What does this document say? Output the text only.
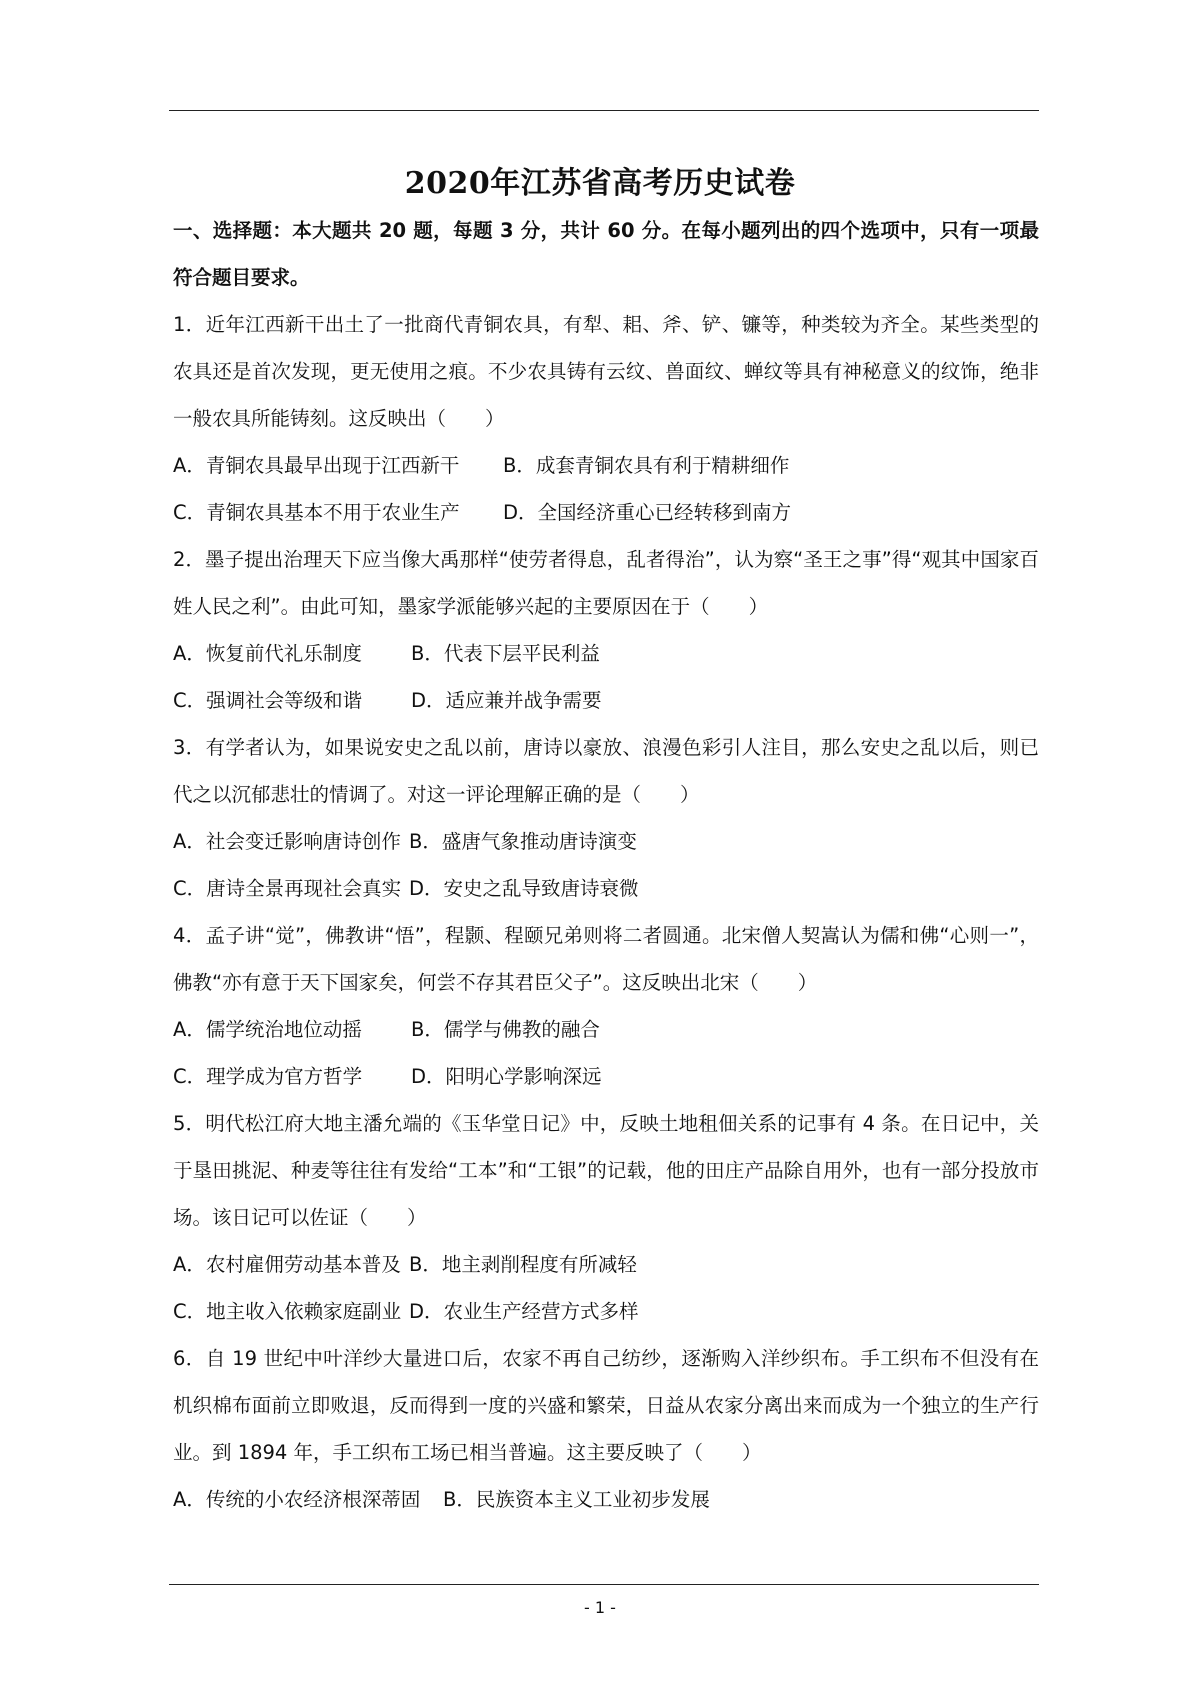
2020年江苏省高考历史试卷
一、选择题：本大题共 20 题，每题 3 分，共计 60 分。在每小题列出的四个选项中，只有一项最符合题目要求。
1．近年江西新干出土了一批商代青铜农具，有犁、耜、斧、铲、镰等，种类较为齐全。某些类型的农具还是首次发现，更无使用之痕。不少农具铸有云纹、兽面纹、蝉纹等具有神秘意义的纹饰，绝非一般农具所能铸刻。这反映出（　　）
A．青铜农具最早出现于江西新干 B．成套青铜农具有利于精耕细作
C．青铜农具基本不用于农业生产 D．全国经济重心已经转移到南方
2．墨子提出治理天下应当像大禹那样“使劳者得息，乱者得治”，认为察“圣王之事”得“观其中国家百姓人民之利”。由此可知，墨家学派能够兴起的主要原因在于（　　）
A．恢复前代礼乐制度	B．代表下层平民利益
C．强调社会等级和谐	D．适应兼并战争需要
3．有学者认为，如果说安史之乱以前，唐诗以豪放、浪漫色彩引人注目，那么安史之乱以后，则已代之以沉郁悲壮的情调了。对这一评论理解正确的是（　　）
A．社会变迁影响唐诗创作 B．盛唐气象推动唐诗演变
C．唐诗全景再现社会真实 D．安史之乱导致唐诗衰微
4．孟子讲“觉”，佛教讲“悟”，程颢、程颐兄弟则将二者圆通。北宋僧人契嵩认为儒和佛“心则一”，佛教“亦有意于天下国家矣，何尝不存其君臣父子”。这反映出北宋（　　）
A．儒学统治地位动摇	B．儒学与佛教的融合
C．理学成为官方哲学	D．阳明心学影响深远
5．明代松江府大地主潘允端的《玉华堂日记》中，反映土地租佃关系的记事有 4 条。在日记中，关于垦田挑泥、种麦等往往有发给“工本”和“工银”的记载，他的田庄产品除自用外，也有一部分投放市场。该日记可以佐证（　　）
A．农村雇佣劳动基本普及 B．地主剥削程度有所减轻
C．地主收入依赖家庭副业 D．农业生产经营方式多样
6．自 19 世纪中叶洋纱大量进口后，农家不再自己纺纱，逐渐购入洋纱织布。手工织布不但没有在机织棉布面前立即败退，反而得到一度的兴盛和繁荣，日益从农家分离出来而成为一个独立的生产行业。到 1894 年，手工织布工场已相当普遍。这主要反映了（　　）
A．传统的小农经济根深蒂固 B．民族资本主义工业初步发展
- 1 -
